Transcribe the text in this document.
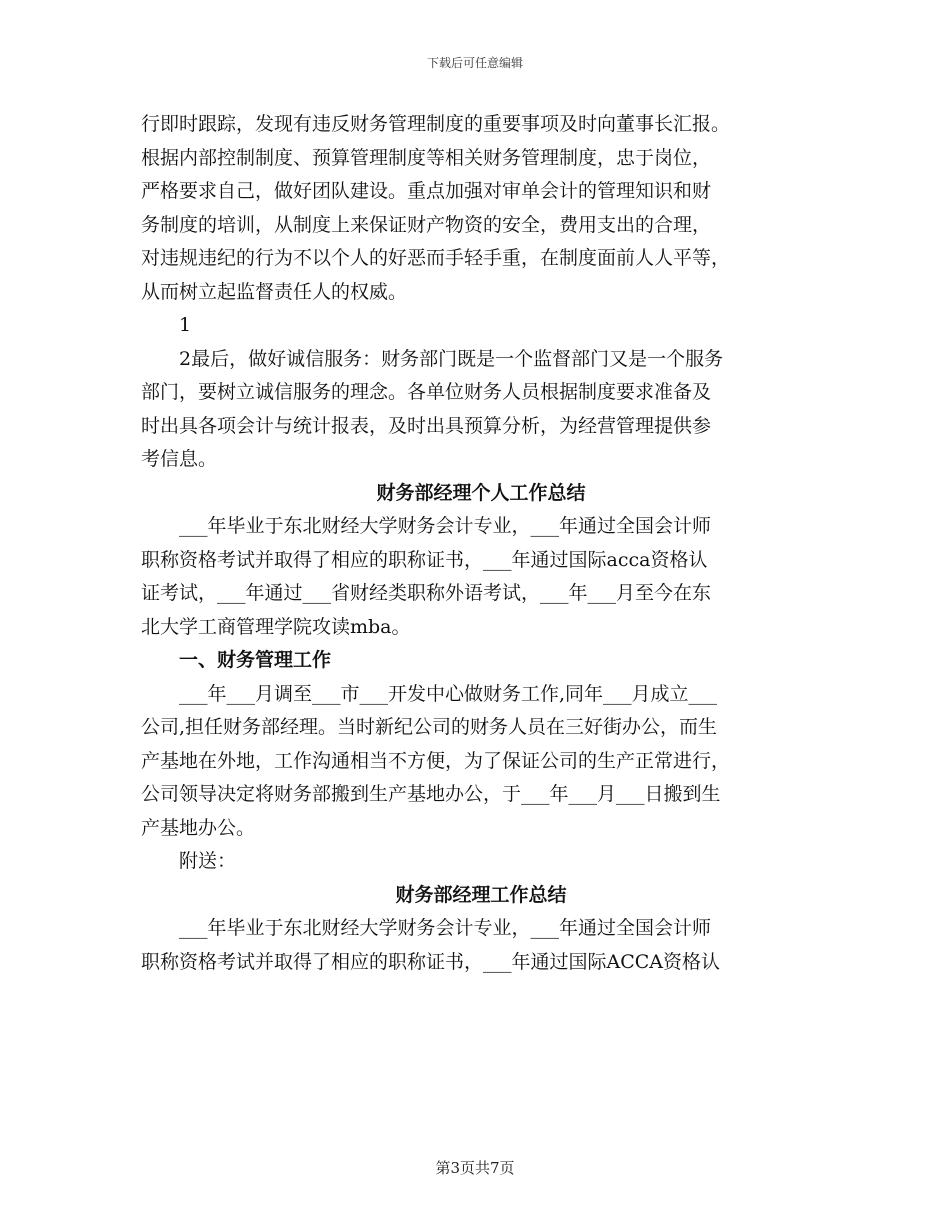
下载后可任意编辑

行即时跟踪，发现有违反财务管理制度的重要事项及时向董事长汇报。

根据内部控制制度、预算管理制度等相关财务管理制度，忠于岗位，

严格要求自己，做好团队建设。重点加强对审单会计的管理知识和财

务制度的培训，从制度上来保证财产物资的安全，费用支出的合理，

对违规违纪的行为不以个人的好恶而手轻手重，在制度面前人人平等，

从而树立起监督责任人的权威。

1

2最后，做好诚信服务：财务部门既是一个监督部门又是一个服务

部门，要树立诚信服务的理念。各单位财务人员根据制度要求准备及

时出具各项会计与统计报表，及时出具预算分析，为经营管理提供参

考信息。

财务部经理个人工作总结

___年毕业于东北财经大学财务会计专业，___年通过全国会计师

职称资格考试并取得了相应的职称证书，___年通过国际acca资格认

证考试，___年通过___省财经类职称外语考试，___年___月至今在东

北大学工商管理学院攻读mba。

一、财务管理工作

___年___月调至___市___开发中心做财务工作,同年___月成立___

公司,担任财务部经理。当时新纪公司的财务人员在三好街办公，而生

产基地在外地，工作沟通相当不方便，为了保证公司的生产正常进行，

公司领导决定将财务部搬到生产基地办公，于___年___月___日搬到生

产基地办公。

附送：

财务部经理工作总结

___年毕业于东北财经大学财务会计专业，___年通过全国会计师

职称资格考试并取得了相应的职称证书，___年通过国际ACCA资格认

第3页共7页
